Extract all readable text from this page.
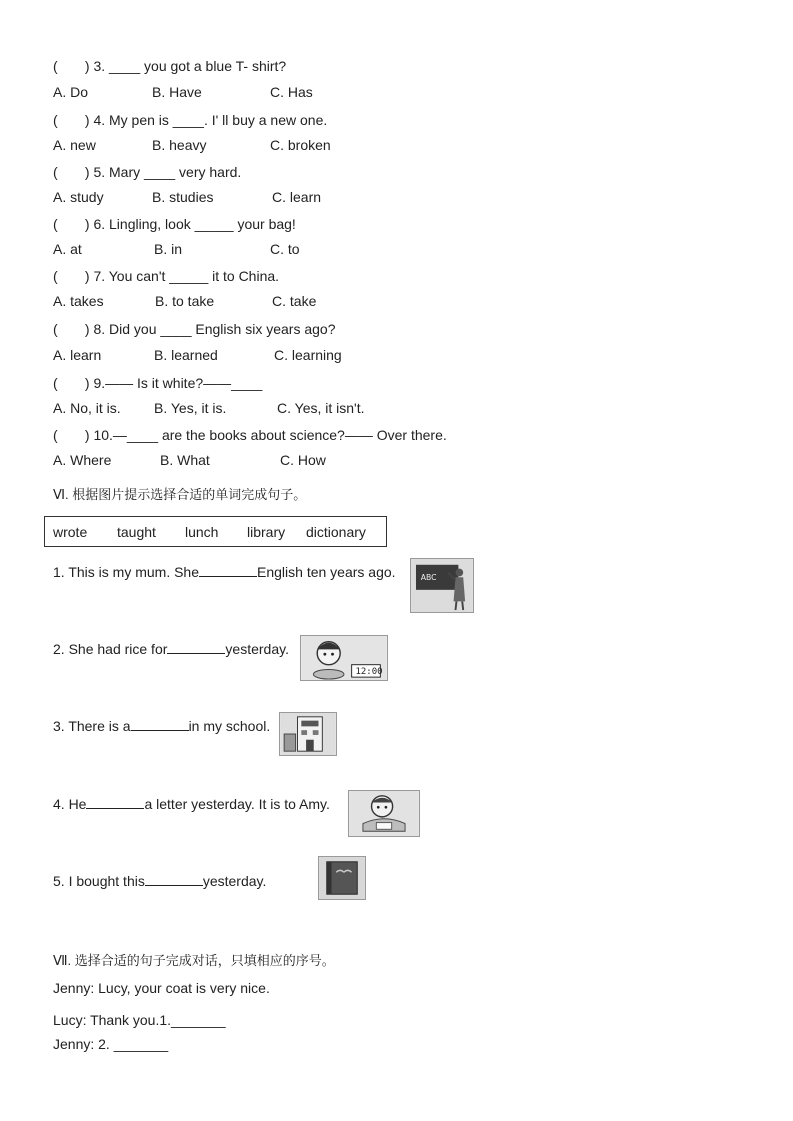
(       ) 3. ____ you got a blue T- shirt?
A. Do	B. Have	C. Has
(       ) 4. My pen is ____. I' ll buy a new one.
A. new	B. heavy	C. broken
(       ) 5. Mary ____ very hard.
A. study	B. studies	C. learn
(       ) 6. Lingling, look _____ your bag!
A. at	B. in	C. to
(       ) 7. You can't _____ it to China.
A. takes	B. to take	C. take
(       ) 8. Did you ____ English six years ago?
A. learn	B. learned	C. learning
(       ) 9.—— Is it white?——____
A. No, it is. B. Yes, it is.	C. Yes, it isn't.
(       ) 10.—____ are the books about science?—— Over there.
A. Where	B. What	C. How
Ⅵ. 根据图片提示选择合适的单词完成句子。
wrote taught lunch library dictionary
1. This is my mum. She	English ten years ago.	ABC
2. She had rice for	yesterday.
12:00
3. There is a	in my school.
4. He	a letter yesterday. It is to Amy.
5. I bought this	yesterday.
Ⅶ. 选择合适的句子完成对话，只填相应的序号。
Jenny: Lucy, your coat is very nice.
Lucy: Thank you.1._______
Jenny: 2. _______
